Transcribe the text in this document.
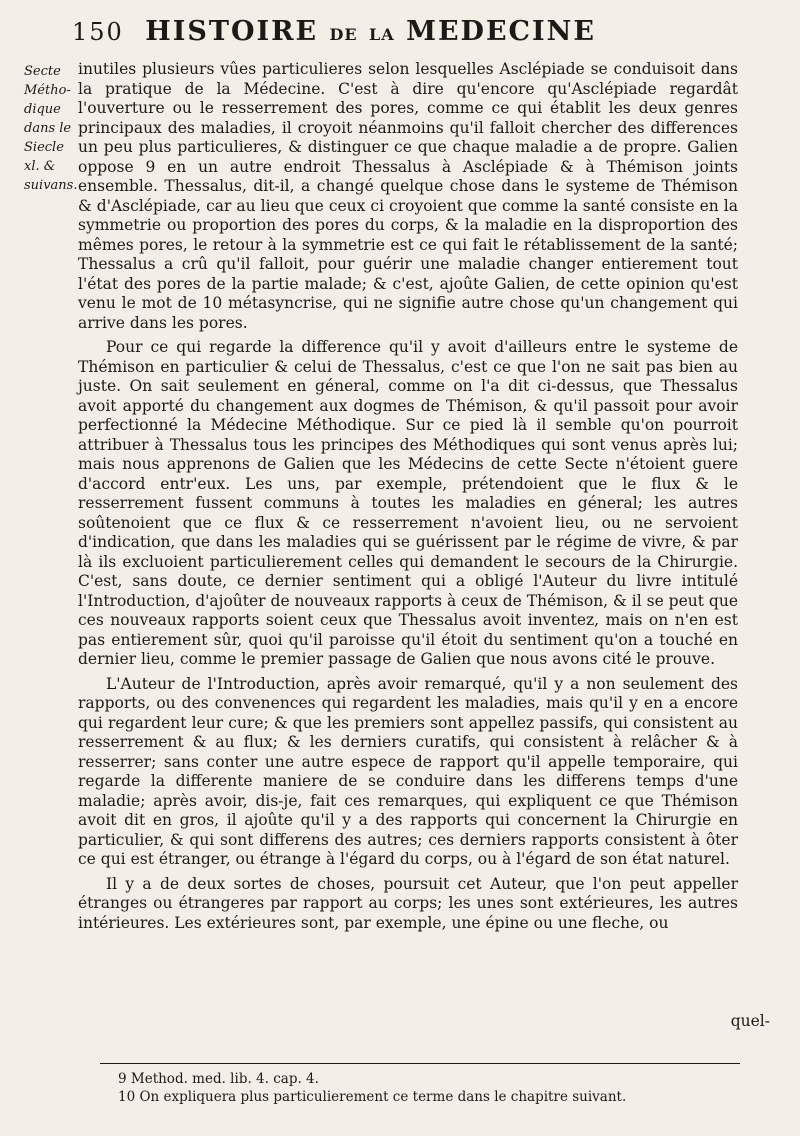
150 HISTOIRE DE LA MEDECINE
Secte
Métho-
dique
dans le
Siecle
xl. &
suivans.

inutiles plusieurs vûes particulieres selon lesquelles Asclépiade se conduisoit dans la pratique de la Médecine. C'est à dire qu'encore qu'Asclépiade regardât l'ouverture ou le resserrement des pores, comme ce qui établit les deux genres principaux des maladies, il croyoit néanmoins qu'il falloit chercher des differences un peu plus particulieres, & distinguer ce que chaque maladie a de propre. Galien oppose 9 en un autre endroit Thessalus à Asclépiade & à Thémison joints ensemble. Thessalus, dit-il, a changé quelque chose dans le systeme de Thémison & d'Asclépiade, car au lieu que ceux ci croyoient que comme la santé consiste en la symmetrie ou proportion des pores du corps, & la maladie en la disproportion des mêmes pores, le retour à la symmetrie est ce qui fait le rétablissement de la santé; Thessalus a crû qu'il falloit, pour guérir une maladie changer entierement tout l'état des pores de la partie malade; & c'est, ajoûte Galien, de cette opinion qu'est venu le mot de 10 métasyncrise, qui ne signifie autre chose qu'un changement qui arrive dans les pores.

Pour ce qui regarde la difference qu'il y avoit d'ailleurs entre le systeme de Thémison en particulier & celui de Thessalus, c'est ce que l'on ne sait pas bien au juste. On sait seulement en géneral, comme on l'a dit ci-dessus, que Thessalus avoit apporté du changement aux dogmes de Thémison, & qu'il passoit pour avoir perfectionné la Médecine Méthodique. Sur ce pied là il semble qu'on pourroit attribuer à Thessalus tous les principes des Méthodiques qui sont venus après lui; mais nous apprenons de Galien que les Médecins de cette Secte n'étoient guere d'accord entr'eux. Les uns, par exemple, prétendoient que le flux & le resserrement fussent communs à toutes les maladies en géneral; les autres soûtenoient que ce flux & ce resserrement n'avoient lieu, ou ne servoient d'indication, que dans les maladies qui se guérissent par le régime de vivre, & par là ils excluoient particulierement celles qui demandent le secours de la Chirurgie. C'est, sans doute, ce dernier sentiment qui a obligé l'Auteur du livre intitulé l'Introduction, d'ajoûter de nouveaux rapports à ceux de Thémison, & il se peut que ces nouveaux rapports soient ceux que Thessalus avoit inventez, mais on n'en est pas entierement sûr, quoi qu'il paroisse qu'il étoit du sentiment qu'on a touché en dernier lieu, comme le premier passage de Galien que nous avons cité le prouve.

L'Auteur de l'Introduction, après avoir remarqué, qu'il y a non seulement des rapports, ou des convenences qui regardent les maladies, mais qu'il y en a encore qui regardent leur cure; & que les premiers sont appellez passifs, qui consistent au resserrement & au flux; & les derniers curatifs, qui consistent à relâcher & à resserrer; sans conter une autre espece de rapport qu'il appelle temporaire, qui regarde la differente maniere de se conduire dans les differens temps d'une maladie; après avoir, dis-je, fait ces remarques, qui expliquent ce que Thémison avoit dit en gros, il ajoûte qu'il y a des rapports qui concernent la Chirurgie en particulier, & qui sont differens des autres; ces derniers rapports consistent à ôter ce qui est étranger, ou étrange à l'égard du corps, ou à l'égard de son état naturel.

Il y a de deux sortes de choses, poursuit cet Auteur, que l'on peut appeller étranges ou étrangeres par rapport au corps; les unes sont extérieures, les autres intérieures. Les extérieures sont, par exemple, une épine ou une fleche, ou

quel-
9 Method. med. lib. 4. cap. 4.
10 On expliquera plus particulierement ce terme dans le chapitre suivant.
